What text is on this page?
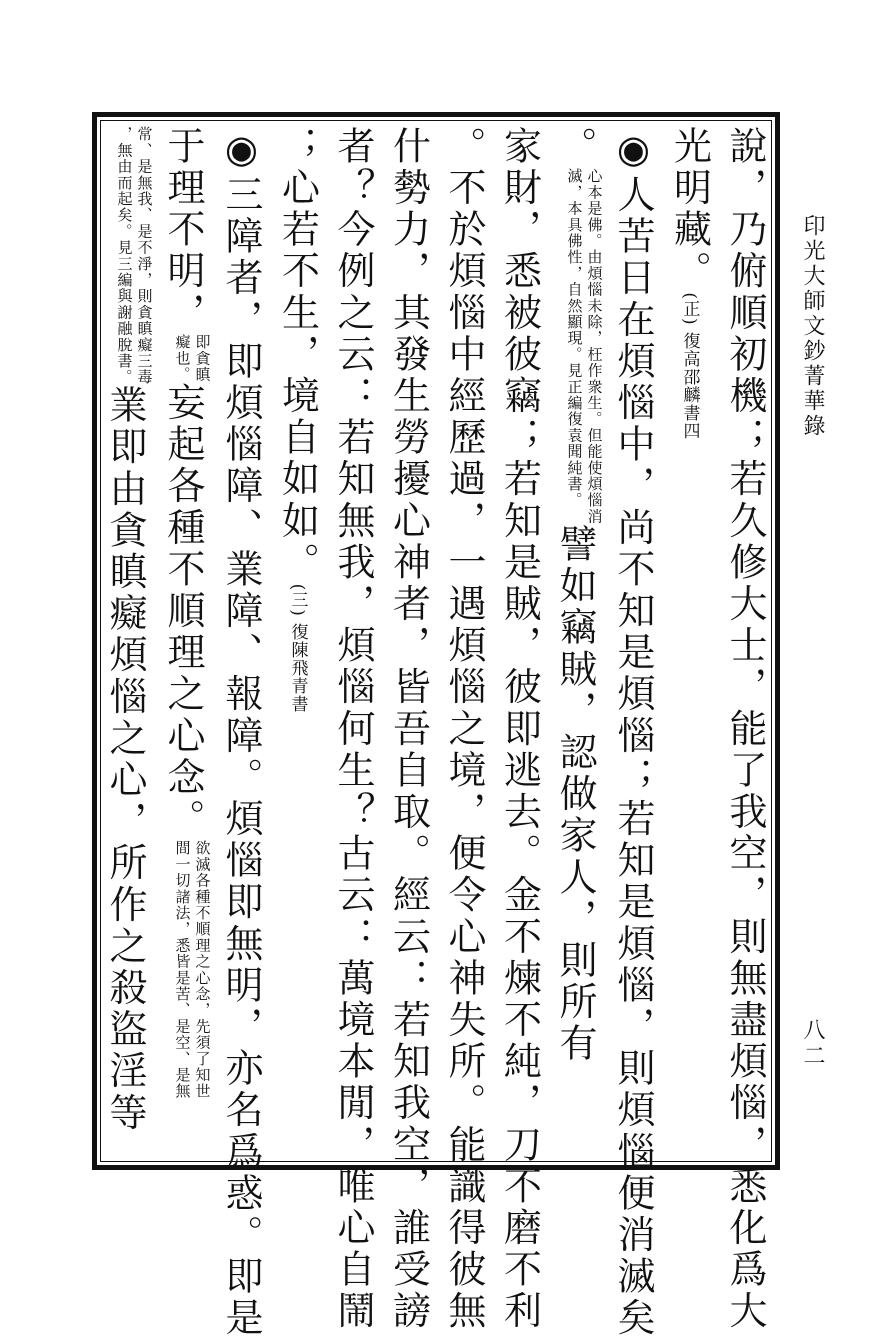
印光大師文鈔菁華錄
八二
說，乃俯順初機；若久修大士，能了我空，則無盡煩惱，悉化爲大
光明藏。(正) 復高邵麟書四
◉人苦日在煩惱中，尚不知是煩惱；若知是煩惱，則煩惱便消滅矣
。
心本是佛。由煩惱未除，枉作衆生。但能使煩惱消
滅，本具佛性，自然顯現。見正編復袁聞純書。
譬如竊賊，認做家人，則所有
家財，悉被彼竊；若知是賊，彼即逃去。金不煉不純，刀不磨不利
。不於煩惱中經歷過，一遇煩惱之境，便令心神失所。能識得彼無
什勢力，其發生勞擾心神者，皆吾自取。經云：若知我空，誰受謗
者？今例之云：若知無我，煩惱何生？古云：萬境本閒，唯心自鬧
；心若不生，境自如如。(三) 復陳飛青書
◉三障者，即煩惱障、業障、報障。煩惱即無明，亦名爲惑。即是
于理不明，
即貪瞋
癡也。
妄起各種不順理之心念。
欲滅各種不順理之心念，先須了知世
間一切諸法，悉皆是苦、是空、是無
常、是無我、是不淨，則貪瞋癡三毒
，無由而起矣。見三編與謝融脫書。
業即由貪瞋癡煩惱之心，所作之殺盜淫等
